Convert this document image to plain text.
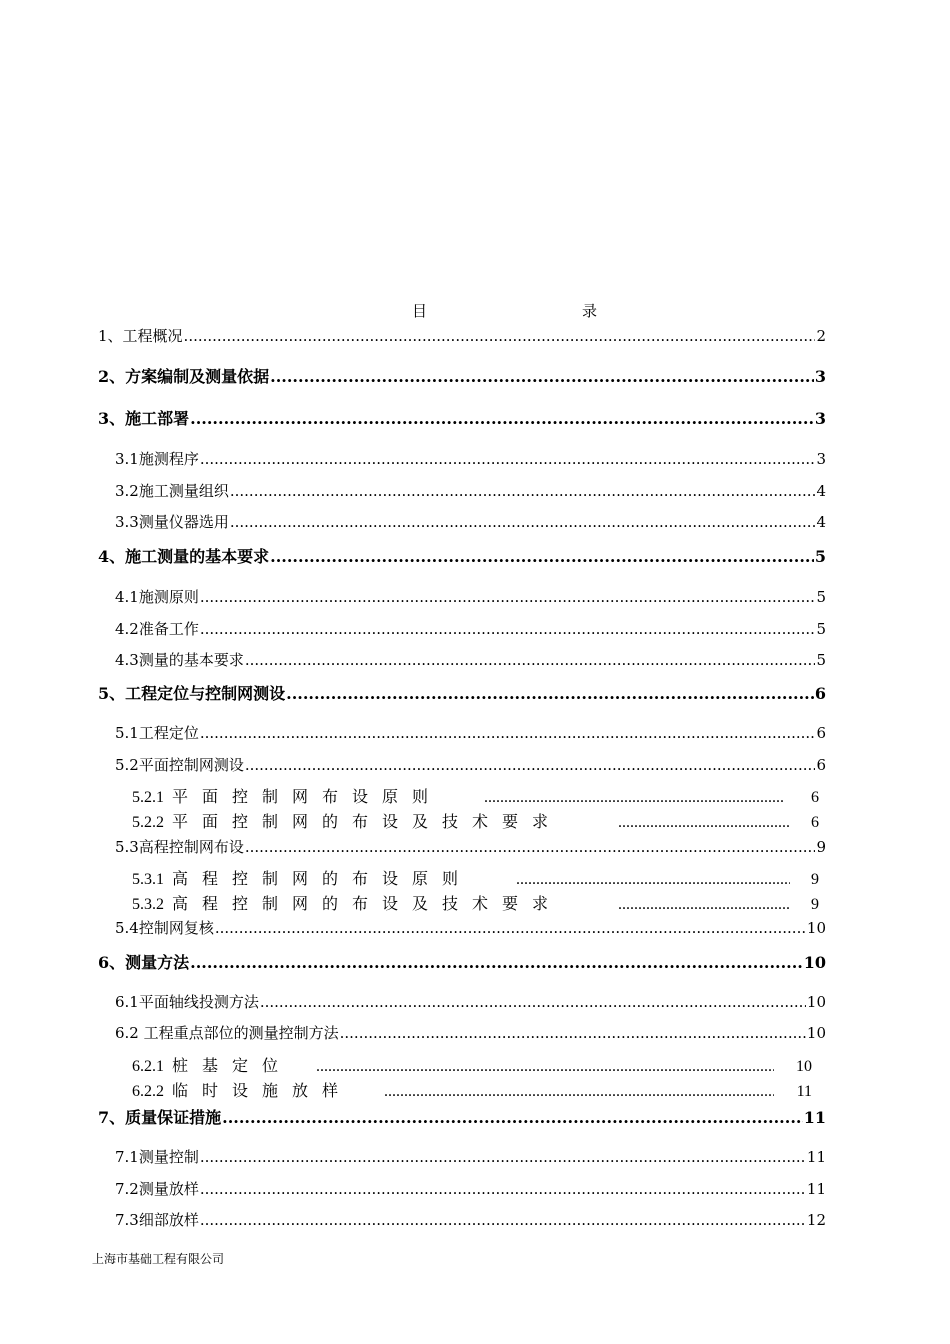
目	录
1、工程概况 .....	2
2、方案编制及测量依据 .....	3
3、施工部署 .....	3
3.1施测程序 .....	3
3.2施工测量组织 .....	4
3.3测量仪器选用 .....	4
4、施工测量的基本要求 .....	5
4.1施测原则 .....	5
4.2准备工作 .....	5
4.3测量的基本要求 .....	5
5、工程定位与控制网测设 .....	6
5.1工程定位 .....	6
5.2平面控制网测设 .....	6
5.2.1 平面控制网布设原则 .....	6
5.2.2 平面控制网的布设及技术要求 .....	6
5.3高程控制网布设 .....	9
5.3.1 高程控制网的布设原则 .....	9
5.3.2 高程控制网的布设及技术要求 .....	9
5.4控制网复核 .....	10
6、测量方法 .....	10
6.1平面轴线投测方法 .....	10
6.2 工程重点部位的测量控制方法 .....	10
6.2.1 桩基定位 .....	10
6.2.2 临时设施放样 .....	11
7、质量保证措施 .....	11
7.1测量控制 .....	11
7.2测量放样 .....	11
7.3细部放样 .....	12
上海市基础工程有限公司
